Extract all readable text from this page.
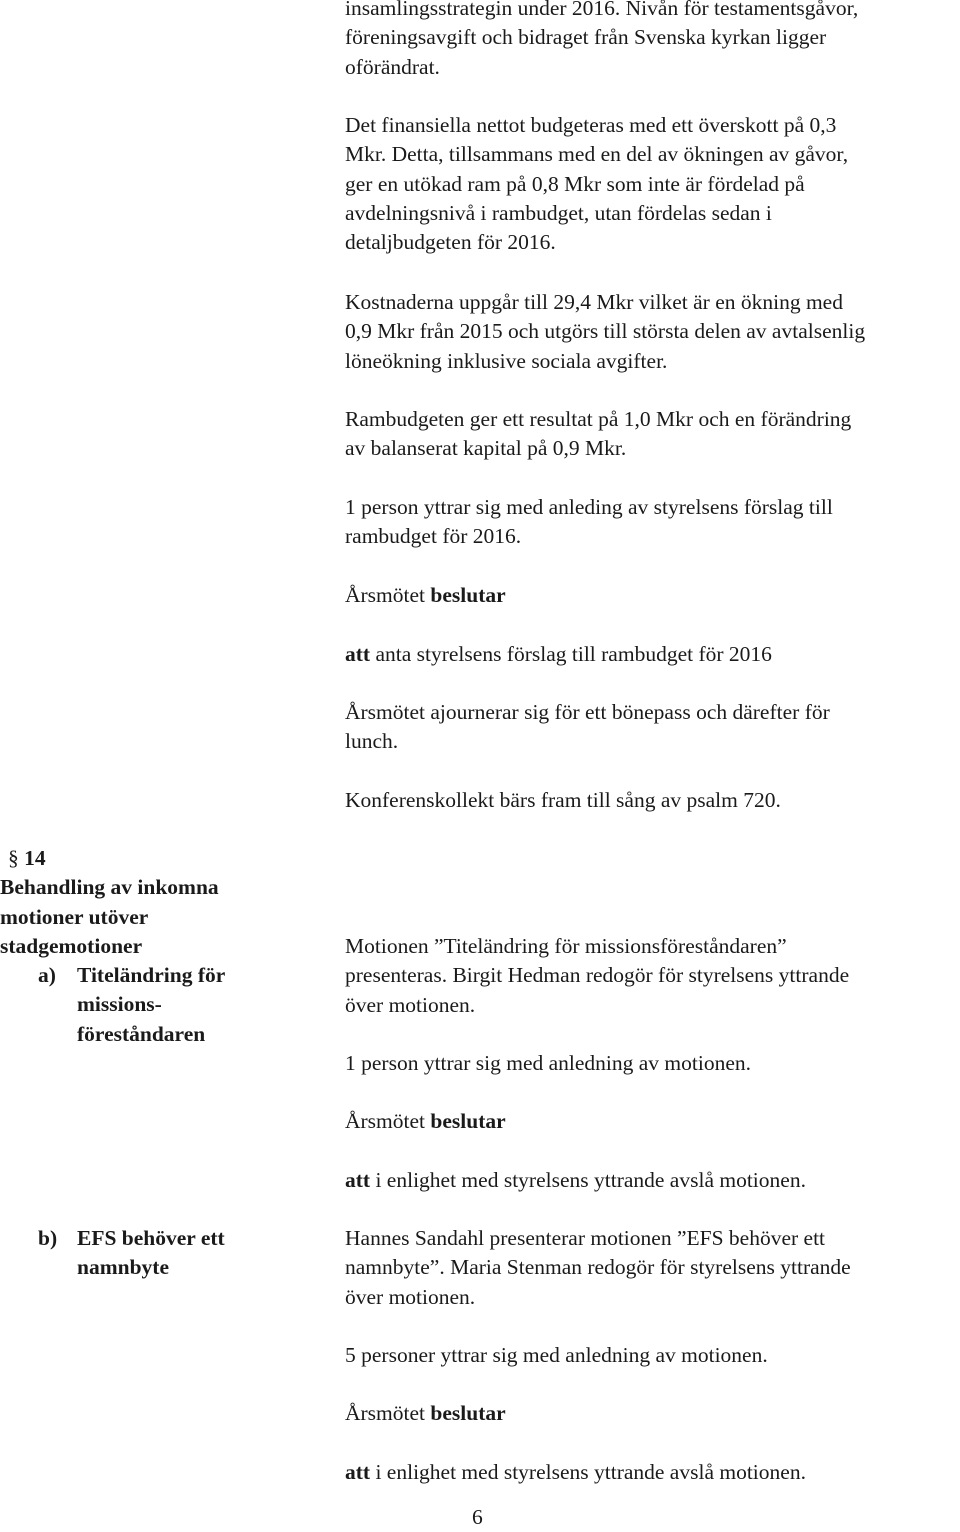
insamlingsstrategin under 2016. Nivån för testamentsgåvor,
föreningsavgift och bidraget från Svenska kyrkan ligger
oförändrat.
Det finansiella nettot budgeteras med ett överskott på 0,3
Mkr. Detta, tillsammans med en del av ökningen av gåvor,
ger en utökad ram på 0,8 Mkr som inte är fördelad på
avdelningsnivå i rambudget, utan fördelas sedan i
detaljbudgeten för 2016.
Kostnaderna uppgår till 29,4 Mkr vilket är en ökning med
0,9 Mkr från 2015 och utgörs till största delen av avtalsenlig
löneökning inklusive sociala avgifter.
Rambudgeten ger ett resultat på 1,0 Mkr och en förändring
av balanserat kapital på 0,9 Mkr.
1 person yttrar sig med anleding av styrelsens förslag till
rambudget för 2016.
Årsmötet beslutar
att anta styrelsens förslag till rambudget för 2016
Årsmötet ajournerar sig för ett bönepass och därefter för
lunch.
Konferenskollekt bärs fram till sång av psalm 720.
§ 14
Behandling av inkomna
motioner utöver
stadgemotioner
a) Titeländring för
missions-
föreståndaren
Motionen ”Titeländring för missionsföreståndaren”
presenteras. Birgit Hedman redogör för styrelsens yttrande
över motionen.
1 person yttrar sig med anledning av motionen.
Årsmötet beslutar
att i enlighet med styrelsens yttrande avslå motionen.
b) EFS behöver ett
namnbyte
Hannes Sandahl presenterar motionen ”EFS behöver ett
namnbyte”. Maria Stenman redogör för styrelsens yttrande
över motionen.
5 personer yttrar sig med anledning av motionen.
Årsmötet beslutar
att i enlighet med styrelsens yttrande avslå motionen.
6
